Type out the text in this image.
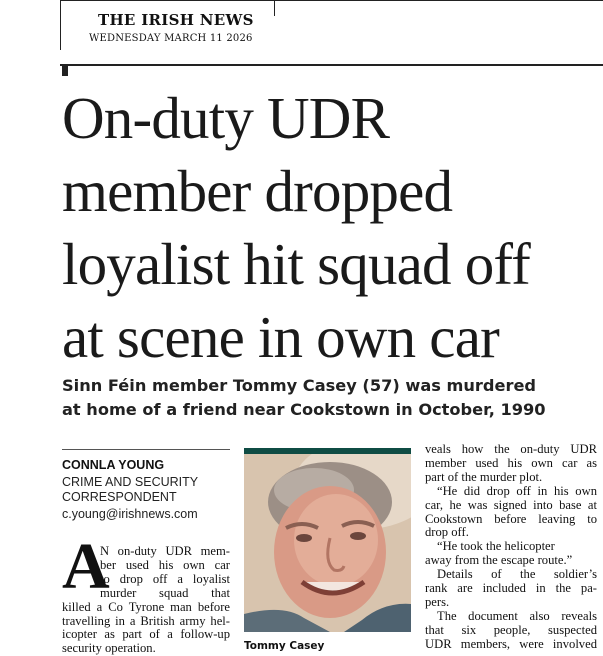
THE IRISH NEWS
WEDNESDAY MARCH 11 2026
On-duty UDR
member dropped
loyalist hit squad off
at scene in own car

Sinn Féin member Tommy Casey (57) was murdered
at home of a friend near Cookstown in October, 1990

CONNLA YOUNG
CRIME AND SECURITY
CORRESPONDENT
c.young@irishnews.com
A
N on-duty UDR mem-
ber used his own car
to drop off a loyalist
murder squad that
killed a Co Tyrone man before
travelling in a British army hel-
icopter as part of a follow-up
security operation.	Tommy Casey
veals how the on-duty UDR
member used his own car as
part of the murder plot.
“He did drop off in his own
car, he was signed into base at
Cookstown before leaving to
drop off.
“He took the helicopter
away from the escape route.”
Details of the soldier’s
rank are included in the pa-
pers.
The document also reveals
that six people, suspected
UDR members, were involved
